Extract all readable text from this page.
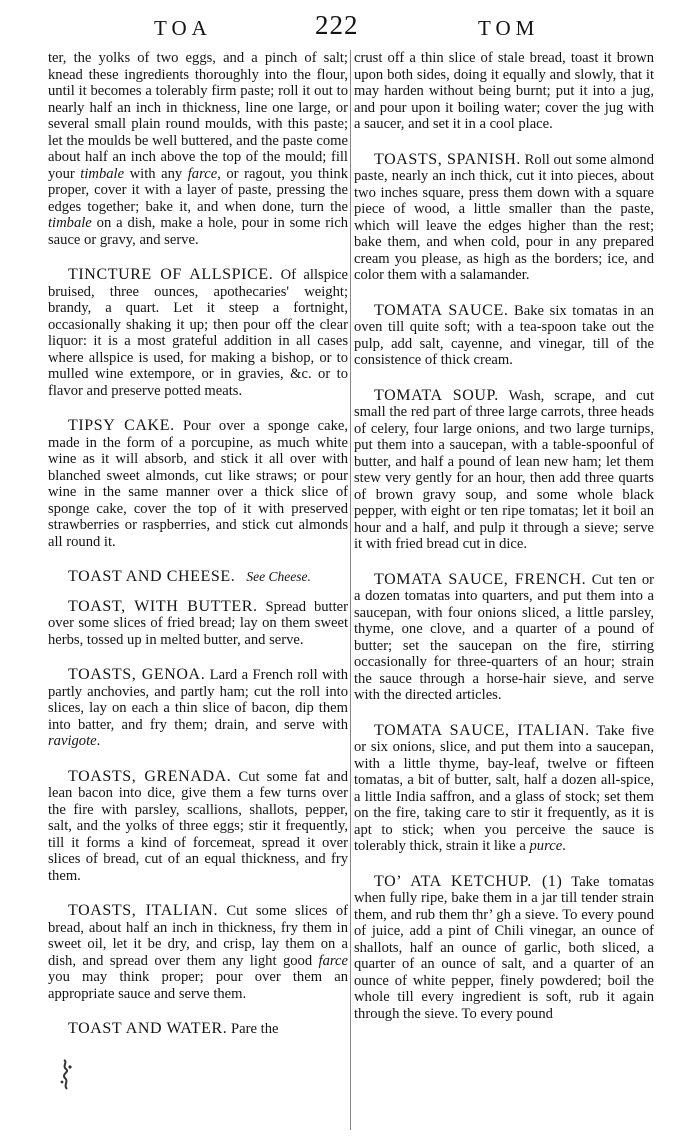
TOA	222	TOM

ter, the yolks of two eggs, and a pinch of salt; knead these ingredients thoroughly into the flour, until it becomes a tolerably firm paste; roll it out to nearly half an inch in thickness, line one large, or several small plain round moulds, with this paste; let the moulds be well buttered, and the paste come about half an inch above the top of the mould; fill your timbale with any farce, or ragout, you think proper, cover it with a layer of paste, pressing the edges together; bake it, and when done, turn the timbale on a dish, make a hole, pour in some rich sauce or gravy, and serve.

TINCTURE OF ALLSPICE. Of allspice bruised, three ounces, apothecaries' weight; brandy, a quart. Let it steep a fortnight, occasionally shaking it up; then pour off the clear liquor: it is a most grateful addition in all cases where allspice is used, for making a bishop, or to mulled wine extempore, or in gravies, &c. or to flavor and preserve potted meats.

TIPSY CAKE. Pour over a sponge cake, made in the form of a porcupine, as much white wine as it will absorb, and stick it all over with blanched sweet almonds, cut like straws; or pour wine in the same manner over a thick slice of sponge cake, cover the top of it with preserved strawberries or raspberries, and stick cut almonds all round it.

TOAST AND CHEESE. See Cheese.

TOAST, WITH BUTTER. Spread butter over some slices of fried bread; lay on them sweet herbs, tossed up in melted butter, and serve.

TOASTS, GENOA. Lard a French roll with partly anchovies, and partly ham; cut the roll into slices, lay on each a thin slice of bacon, dip them into batter, and fry them; drain, and serve with ravigote.

TOASTS, GRENADA. Cut some fat and lean bacon into dice, give them a few turns over the fire with parsley, scallions, shallots, pepper, salt, and the yolks of three eggs; stir it frequently, till it forms a kind of forcemeat, spread it over slices of bread, cut of an equal thickness, and fry them.

TOASTS, ITALIAN. Cut some slices of bread, about half an inch in thickness, fry them in sweet oil, let it be dry, and crisp, lay them on a dish, and spread over them any light good farce you may think proper; pour over them an appropriate sauce and serve them.

TOAST AND WATER. Pare the

crust off a thin slice of stale bread, toast it brown upon both sides, doing it equally and slowly, that it may harden without being burnt; put it into a jug, and pour upon it boiling water; cover the jug with a saucer, and set it in a cool place.

TOASTS, SPANISH. Roll out some almond paste, nearly an inch thick, cut it into pieces, about two inches square, press them down with a square piece of wood, a little smaller than the paste, which will leave the edges higher than the rest; bake them, and when cold, pour in any prepared cream you please, as high as the borders; ice, and color them with a salamander.

TOMATA SAUCE. Bake six tomatas in an oven till quite soft; with a tea-spoon take out the pulp, add salt, cayenne, and vinegar, till of the consistence of thick cream.

TOMATA SOUP. Wash, scrape, and cut small the red part of three large carrots, three heads of celery, four large onions, and two large turnips, put them into a saucepan, with a table-spoonful of butter, and half a pound of lean new ham; let them stew very gently for an hour, then add three quarts of brown gravy soup, and some whole black pepper, with eight or ten ripe tomatas; let it boil an hour and a half, and pulp it through a sieve; serve it with fried bread cut in dice.

TOMATA SAUCE, FRENCH. Cut ten or a dozen tomatas into quarters, and put them into a saucepan, with four onions sliced, a little parsley, thyme, one clove, and a quarter of a pound of butter; set the saucepan on the fire, stirring occasionally for three-quarters of an hour; strain the sauce through a horse-hair sieve, and serve with the directed articles.

TOMATA SAUCE, ITALIAN. Take five or six onions, slice, and put them into a saucepan, with a little thyme, bay-leaf, twelve or fifteen tomatas, a bit of butter, salt, half a dozen all-spice, a little India saffron, and a glass of stock; set them on the fire, taking care to stir it frequently, as it is apt to stick; when you perceive the sauce is tolerably thick, strain it like a purce.

TO’ ATA KETCHUP. (1) Take tomatas when fully ripe, bake them in a jar till tender strain them, and rub them thr’ gh a sieve. To every pound of juice, add a pint of Chili vinegar, an ounce of shallots, half an ounce of garlic, both sliced, a quarter of an ounce of salt, and a quarter of an ounce of white pepper, finely powdered; boil the whole till every ingredient is soft, rub it again through the sieve. To every pound
